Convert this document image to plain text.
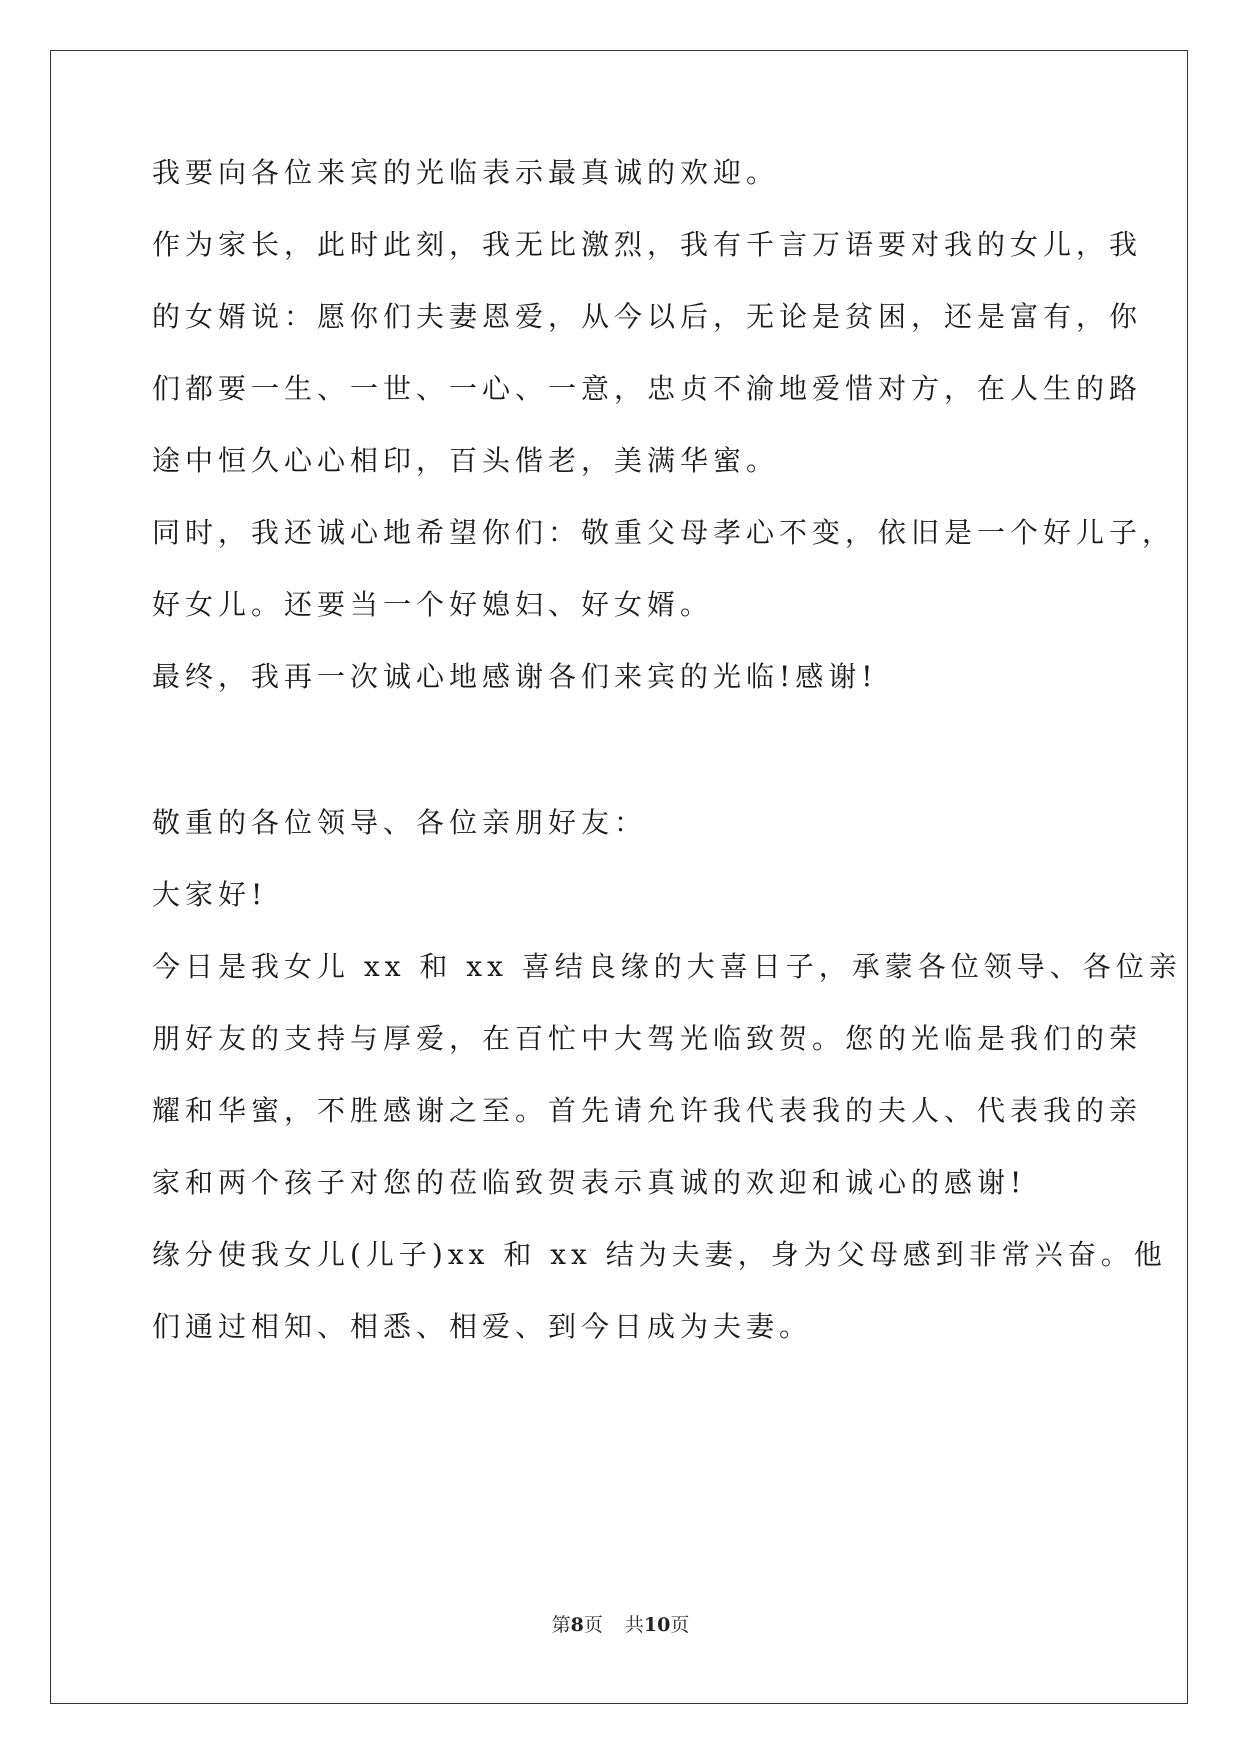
我要向各位来宾的光临表示最真诚的欢迎。
作为家长，此时此刻，我无比激烈，我有千言万语要对我的女儿，我
的女婿说：愿你们夫妻恩爱，从今以后，无论是贫困，还是富有，你
们都要一生、一世、一心、一意，忠贞不渝地爱惜对方，在人生的路
途中恒久心心相印，百头偕老，美满华蜜。
同时，我还诚心地希望你们：敬重父母孝心不变，依旧是一个好儿子，
好女儿。还要当一个好媳妇、好女婿。
最终，我再一次诚心地感谢各们来宾的光临!感谢!
敬重的各位领导、各位亲朋好友：
大家好!
今日是我女儿 xx 和 xx 喜结良缘的大喜日子，承蒙各位领导、各位亲
朋好友的支持与厚爱，在百忙中大驾光临致贺。您的光临是我们的荣
耀和华蜜，不胜感谢之至。首先请允许我代表我的夫人、代表我的亲
家和两个孩子对您的莅临致贺表示真诚的欢迎和诚心的感谢!
缘分使我女儿(儿子)xx 和 xx 结为夫妻，身为父母感到非常兴奋。他
们通过相知、相悉、相爱、到今日成为夫妻。
第8页 共10页
